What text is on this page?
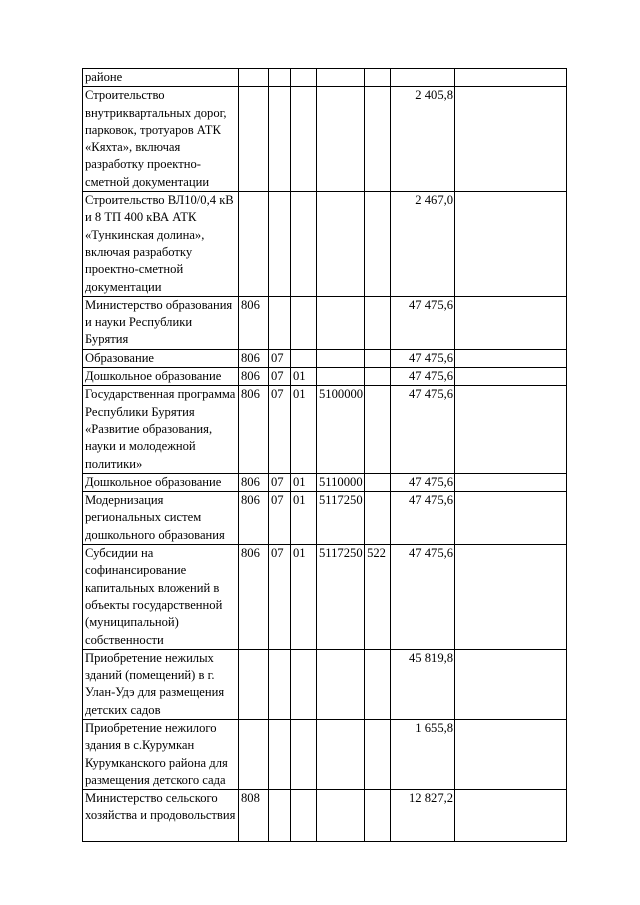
районе							
Строительство внутриквартальных дорог, парковок, тротуаров АТК «Кяхта», включая разработку проектно-сметной документации						2 405,8	
Строительство ВЛ10/0,4 кВ и 8 ТП 400 кВА АТК «Тункинская долина», включая разработку проектно-сметной документации						2 467,0	
Министерство образования и науки Республики Бурятия	806					47 475,6	
Образование	806	07				47 475,6	
Дошкольное образование	806	07	01			47 475,6	
Государственная программа Республики Бурятия «Развитие образования, науки и молодежной политики»	806	07	01	5100000		47 475,6	
Дошкольное образование	806	07	01	5110000		47 475,6	
Модернизация региональных систем дошкольного образования	806	07	01	5117250		47 475,6	
Субсидии на софинансирование капитальных вложений в объекты государственной (муниципальной) собственности	806	07	01	5117250	522	47 475,6	
Приобретение нежилых зданий (помещений) в г. Улан-Удэ для размещения детских садов						45 819,8	
Приобретение нежилого здания в с.Курумкан Курумканского района для размещения детского сада						1 655,8	
Министерство сельского хозяйства и продовольствия	808					12 827,2	
